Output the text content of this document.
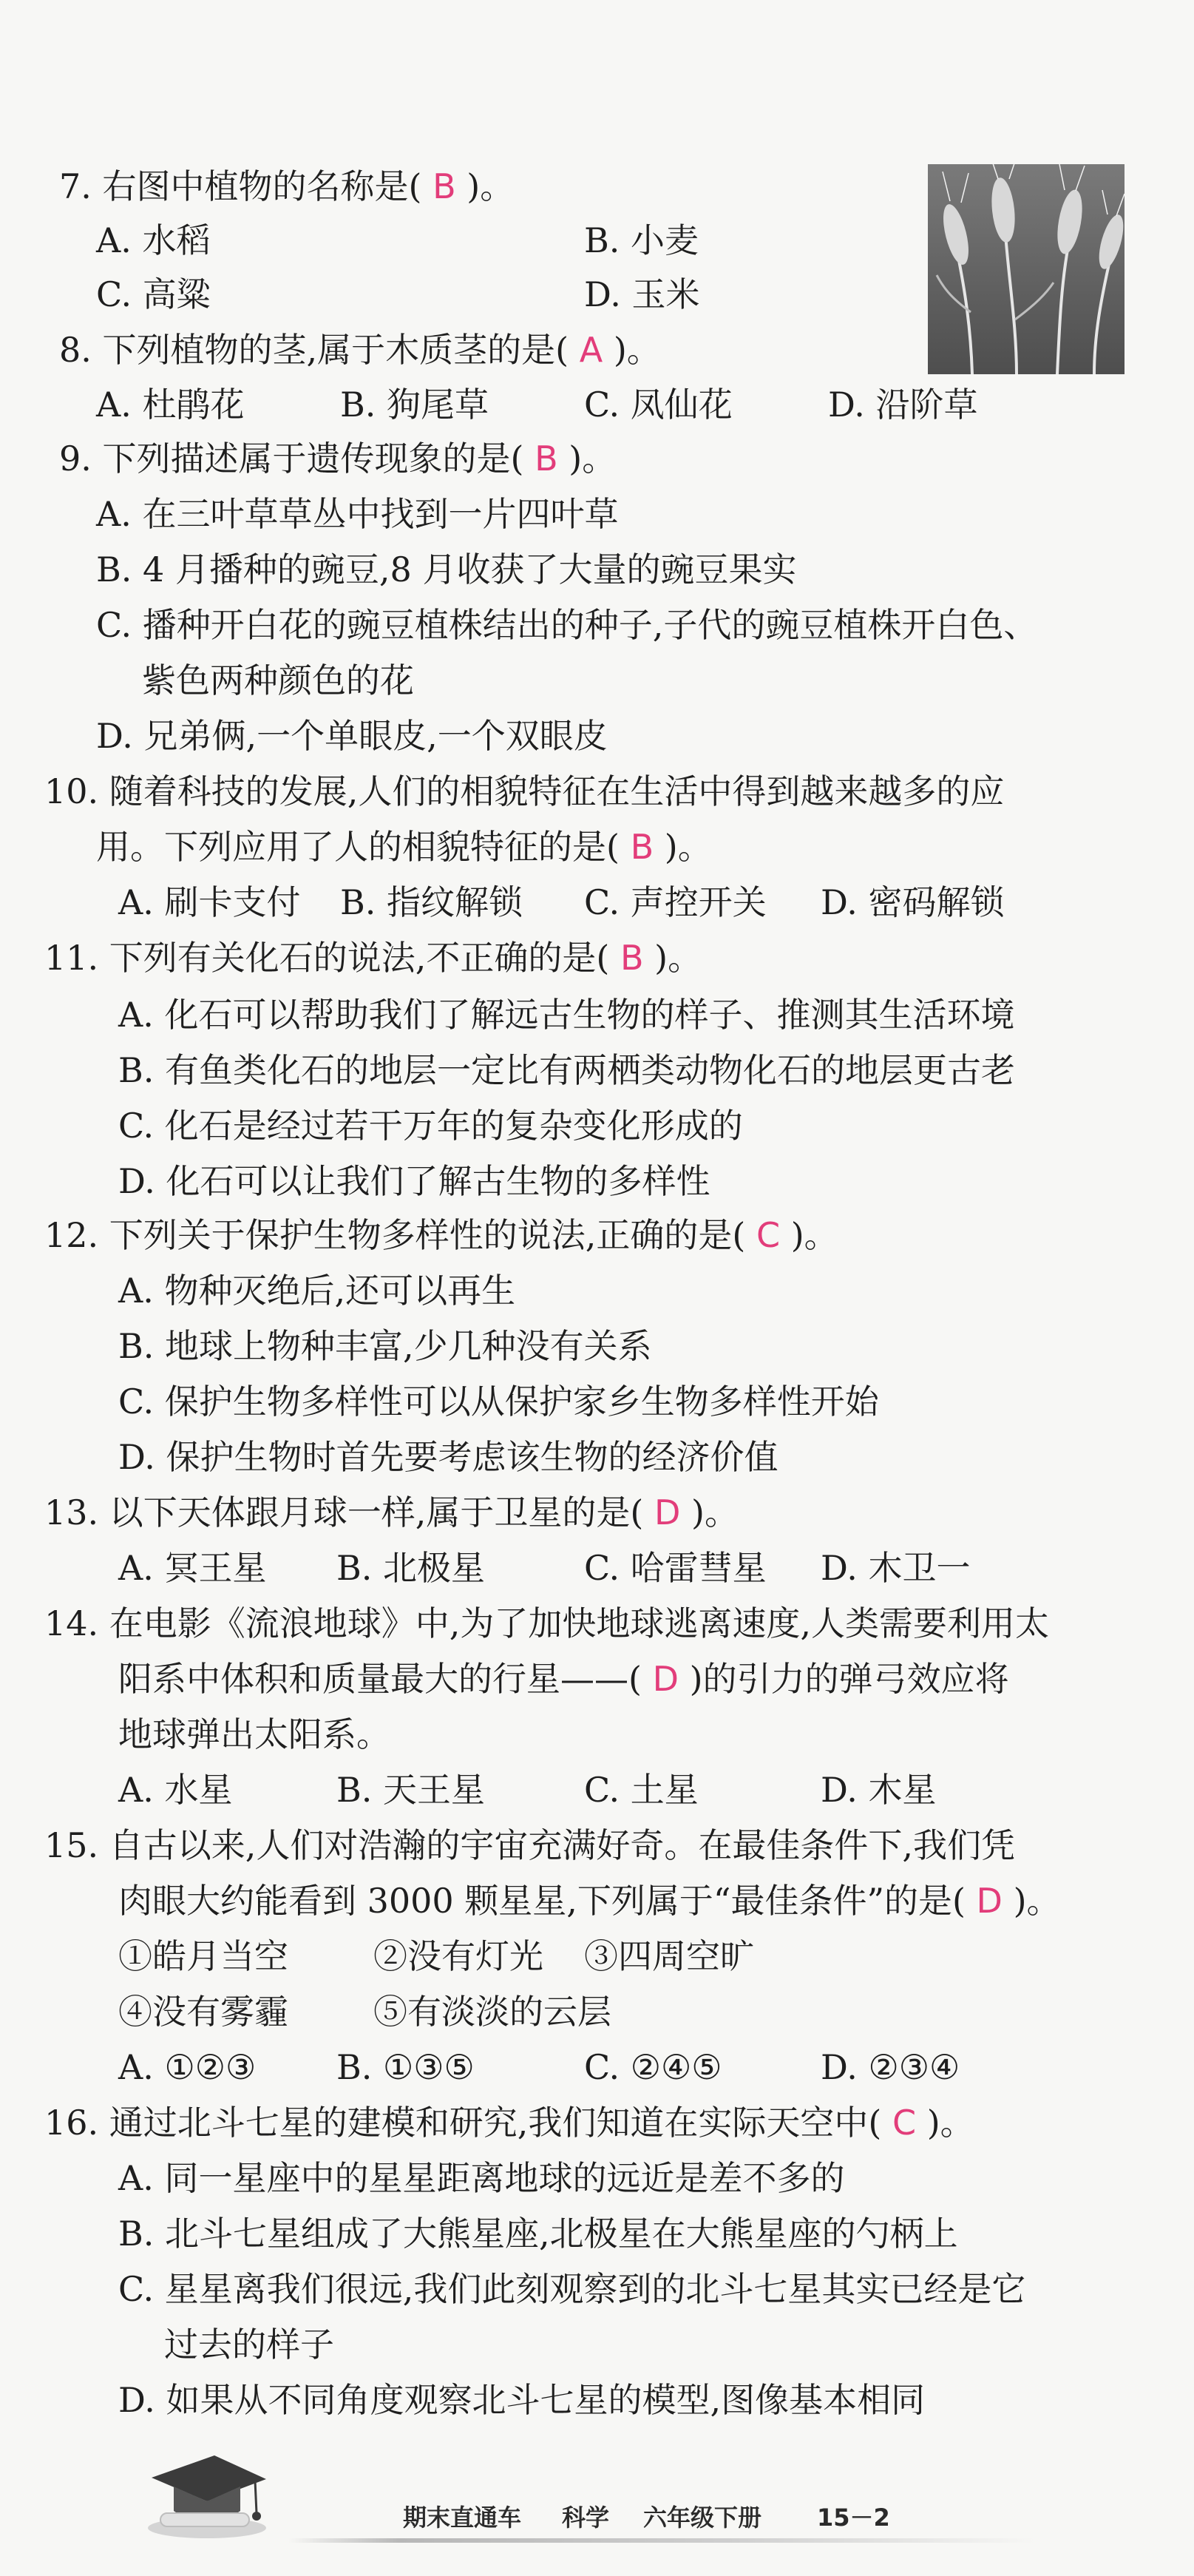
7. 右图中植物的名称是( B )。
A. 水稻	B. 小麦
C. 高粱	D. 玉米
8. 下列植物的茎,属于木质茎的是( A )。
A. 杜鹃花	B. 狗尾草	C. 凤仙花	D. 沿阶草
9. 下列描述属于遗传现象的是( B )。
A. 在三叶草草丛中找到一片四叶草
B. 4 月播种的豌豆,8 月收获了大量的豌豆果实
C. 播种开白花的豌豆植株结出的种子,子代的豌豆植株开白色、
紫色两种颜色的花
D. 兄弟俩,一个单眼皮,一个双眼皮
10. 随着科技的发展,人们的相貌特征在生活中得到越来越多的应
用。下列应用了人的相貌特征的是( B )。
A. 刷卡支付 B. 指纹解锁 C. 声控开关 D. 密码解锁
11. 下列有关化石的说法,不正确的是( B )。
A. 化石可以帮助我们了解远古生物的样子、推测其生活环境
B. 有鱼类化石的地层一定比有两栖类动物化石的地层更古老
C. 化石是经过若干万年的复杂变化形成的
D. 化石可以让我们了解古生物的多样性
12. 下列关于保护生物多样性的说法,正确的是( C )。
A. 物种灭绝后,还可以再生
B. 地球上物种丰富,少几种没有关系
C. 保护生物多样性可以从保护家乡生物多样性开始
D. 保护生物时首先要考虑该生物的经济价值
13. 以下天体跟月球一样,属于卫星的是( D )。
A. 冥王星 B. 北极星	C. 哈雷彗星 D. 木卫一
14. 在电影《流浪地球》中,为了加快地球逃离速度,人类需要利用太
阳系中体积和质量最大的行星——( D )的引力的弹弓效应将
地球弹出太阳系。
A. 水星	B. 天王星	C. 土星	D. 木星
15. 自古以来,人们对浩瀚的宇宙充满好奇。在最佳条件下,我们凭
肉眼大约能看到 3000 颗星星,下列属于“最佳条件”的是( D )。
①皓月当空	②没有灯光 ③四周空旷
④没有雾霾	⑤有淡淡的云层
A. ①②③ B. ①③⑤	C. ②④⑤	D. ②③④
16. 通过北斗七星的建模和研究,我们知道在实际天空中( C )。
A. 同一星座中的星星距离地球的远近是差不多的
B. 北斗七星组成了大熊星座,北极星在大熊星座的勺柄上
C. 星星离我们很远,我们此刻观察到的北斗七星其实已经是它
过去的样子
D. 如果从不同角度观察北斗七星的模型,图像基本相同
期末直通车 科学 六年级下册 15－2
